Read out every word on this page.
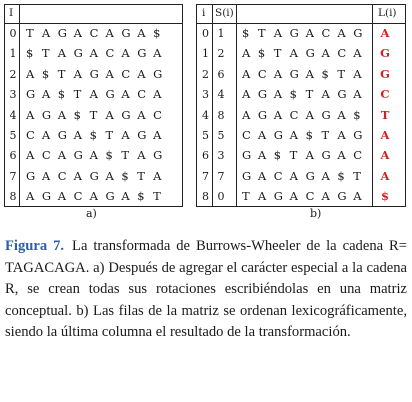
I
0 T A G A C A G A $
1 $ T A G A C A G A
2 A $ T A G A C A G
3 G A $ T A G A C A
4 A G A $ T A G A C
5 C A G A $ T A G A
6 A C A G A $ T A G
7 G A C A G A $ T A
8 A G A C A G A $ T
a)
i S(i)	L(i)
0 1	$ T A G A C A G	A
1 2	A $ T A G A C A	G
2 6	A C A G A $ T A	G
3 4	A G A $ T A G A	C
4 8	A G A C A G A $	T
5 5	C A G A $ T A G	A
6 3	G A $ T A G A C	A
7 7	G A C A G A $ T	A
8 0	T A G A C A G A	$
b)
Figura 7. La transformada de Burrows-Wheeler de la cadena R= TAGACAGA. a) Después de agregar el carácter especial a la cadena R, se crean todas sus rotaciones escribiéndolas en una matriz conceptual. b) Las filas de la matriz se ordenan lexicográficamente, siendo la última columna el resultado de la transformación.
